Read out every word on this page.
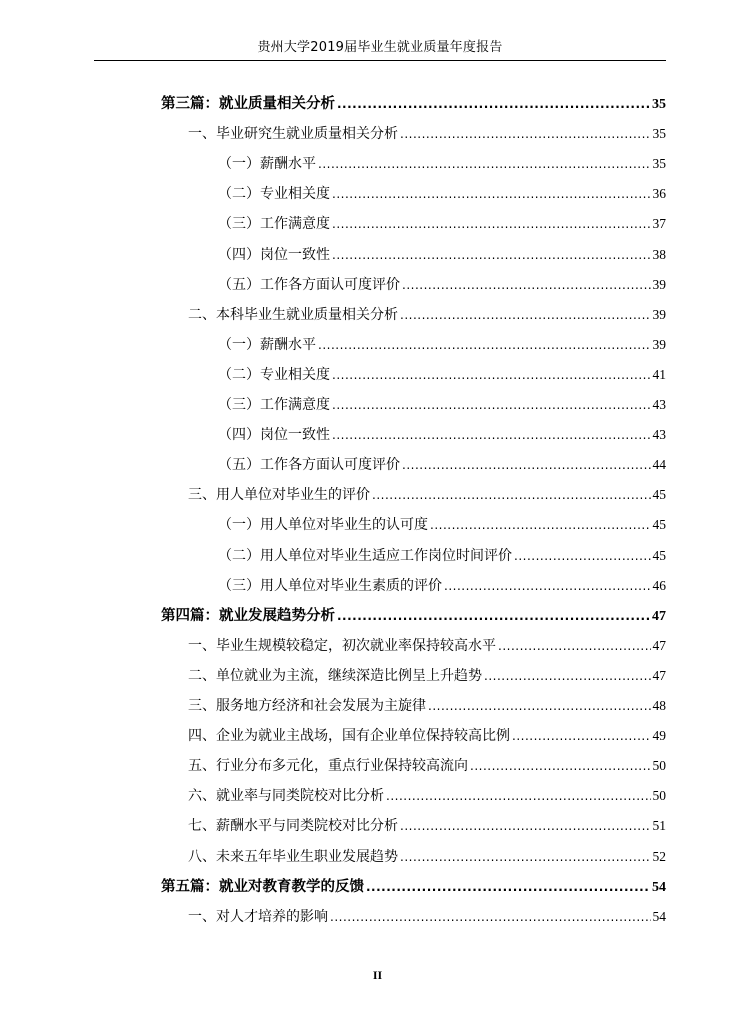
贵州大学2019届毕业生就业质量年度报告
第三篇：就业质量相关分析 .....	35
一、毕业研究生就业质量相关分析 .....	35
（一）薪酬水平 .....	35
（二）专业相关度 .....	36
（三）工作满意度 .....	37
（四）岗位一致性 .....	38
（五）工作各方面认可度评价 .....	39
二、本科毕业生就业质量相关分析 .....	39
（一）薪酬水平 .....	39
（二）专业相关度 .....	41
（三）工作满意度 .....	43
（四）岗位一致性 .....	43
（五）工作各方面认可度评价 .....	44
三、用人单位对毕业生的评价 .....	45
（一）用人单位对毕业生的认可度 .....	45
（二）用人单位对毕业生适应工作岗位时间评价 .....	45
（三）用人单位对毕业生素质的评价 .....	46
第四篇：就业发展趋势分析 .....	47
一、毕业生规模较稳定，初次就业率保持较高水平 .....	47
二、单位就业为主流，继续深造比例呈上升趋势 .....	47
三、服务地方经济和社会发展为主旋律 .....	48
四、企业为就业主战场，国有企业单位保持较高比例 .....	49
五、行业分布多元化，重点行业保持较高流向 .....	50
六、就业率与同类院校对比分析 .....	50
七、薪酬水平与同类院校对比分析 .....	51
八、未来五年毕业生职业发展趋势 .....	52
第五篇：就业对教育教学的反馈 .....	54
一、对人才培养的影响 .....	54
II
